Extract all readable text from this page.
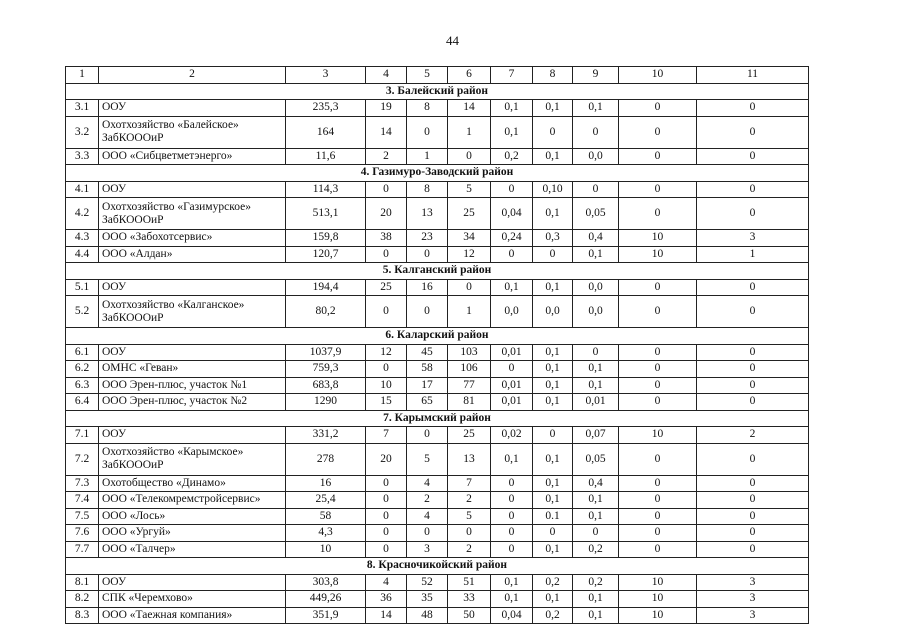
44
1	2	3	4	5	6	7	8	9	10	11
3. Балейский район										
3.1	ООУ	235,3	19	8	14	0,1	0,1	0,1	0	0
3.2	Охотхозяйство «Балейское» ЗабКОООиР	164	14	0	1	0,1	0	0	0	0
3.3	ООО «Сибцветметэнерго»	11,6	2	1	0	0,2	0,1	0,0	0	0
4. Газимуро-Заводский район										
4.1	ООУ	114,3	0	8	5	0	0,10	0	0	0
4.2	Охотхозяйство «Газимурское» ЗабКОООиР	513,1	20	13	25	0,04	0,1	0,05	0	0
4.3	ООО «Забохотсервис»	159,8	38	23	34	0,24	0,3	0,4	10	3
4.4	ООО «Алдан»	120,7	0	0	12	0	0	0,1	10	1
5. Калганский район										
5.1	ООУ	194,4	25	16	0	0,1	0,1	0,0	0	0
5.2	Охотхозяйство «Калганское» ЗабКОООиР	80,2	0	0	1	0,0	0,0	0,0	0	0
6. Каларский район										
6.1	ООУ	1037,9	12	45	103	0,01	0,1	0	0	0
6.2	ОМНС «Геван»	759,3	0	58	106	0	0,1	0,1	0	0
6.3	ООО Эрен-плюс, участок №1	683,8	10	17	77	0,01	0,1	0,1	0	0
6.4	ООО Эрен-плюс, участок №2	1290	15	65	81	0,01	0,1	0,01	0	0
7. Карымский район										
7.1	ООУ	331,2	7	0	25	0,02	0	0,07	10	2
7.2	Охотхозяйство «Карымское» ЗабКОООиР	278	20	5	13	0,1	0,1	0,05	0	0
7.3	Охотобщество «Динамо»	16	0	4	7	0	0,1	0,4	0	0
7.4	ООО «Телекомремстройсервис»	25,4	0	2	2	0	0,1	0,1	0	0
7.5	ООО «Лось»	58	0	4	5	0	0.1	0,1	0	0
7.6	ООО «Ургуй»	4,3	0	0	0	0	0	0	0	0
7.7	ООО «Талчер»	10	0	3	2	0	0,1	0,2	0	0
8. Красночикойский район										
8.1	ООУ	303,8	4	52	51	0,1	0,2	0,2	10	3
8.2	СПК «Черемхово»	449,26	36	35	33	0,1	0,1	0,1	10	3
8.3	ООО «Таежная компания»	351,9	14	48	50	0,04	0,2	0,1	10	3
